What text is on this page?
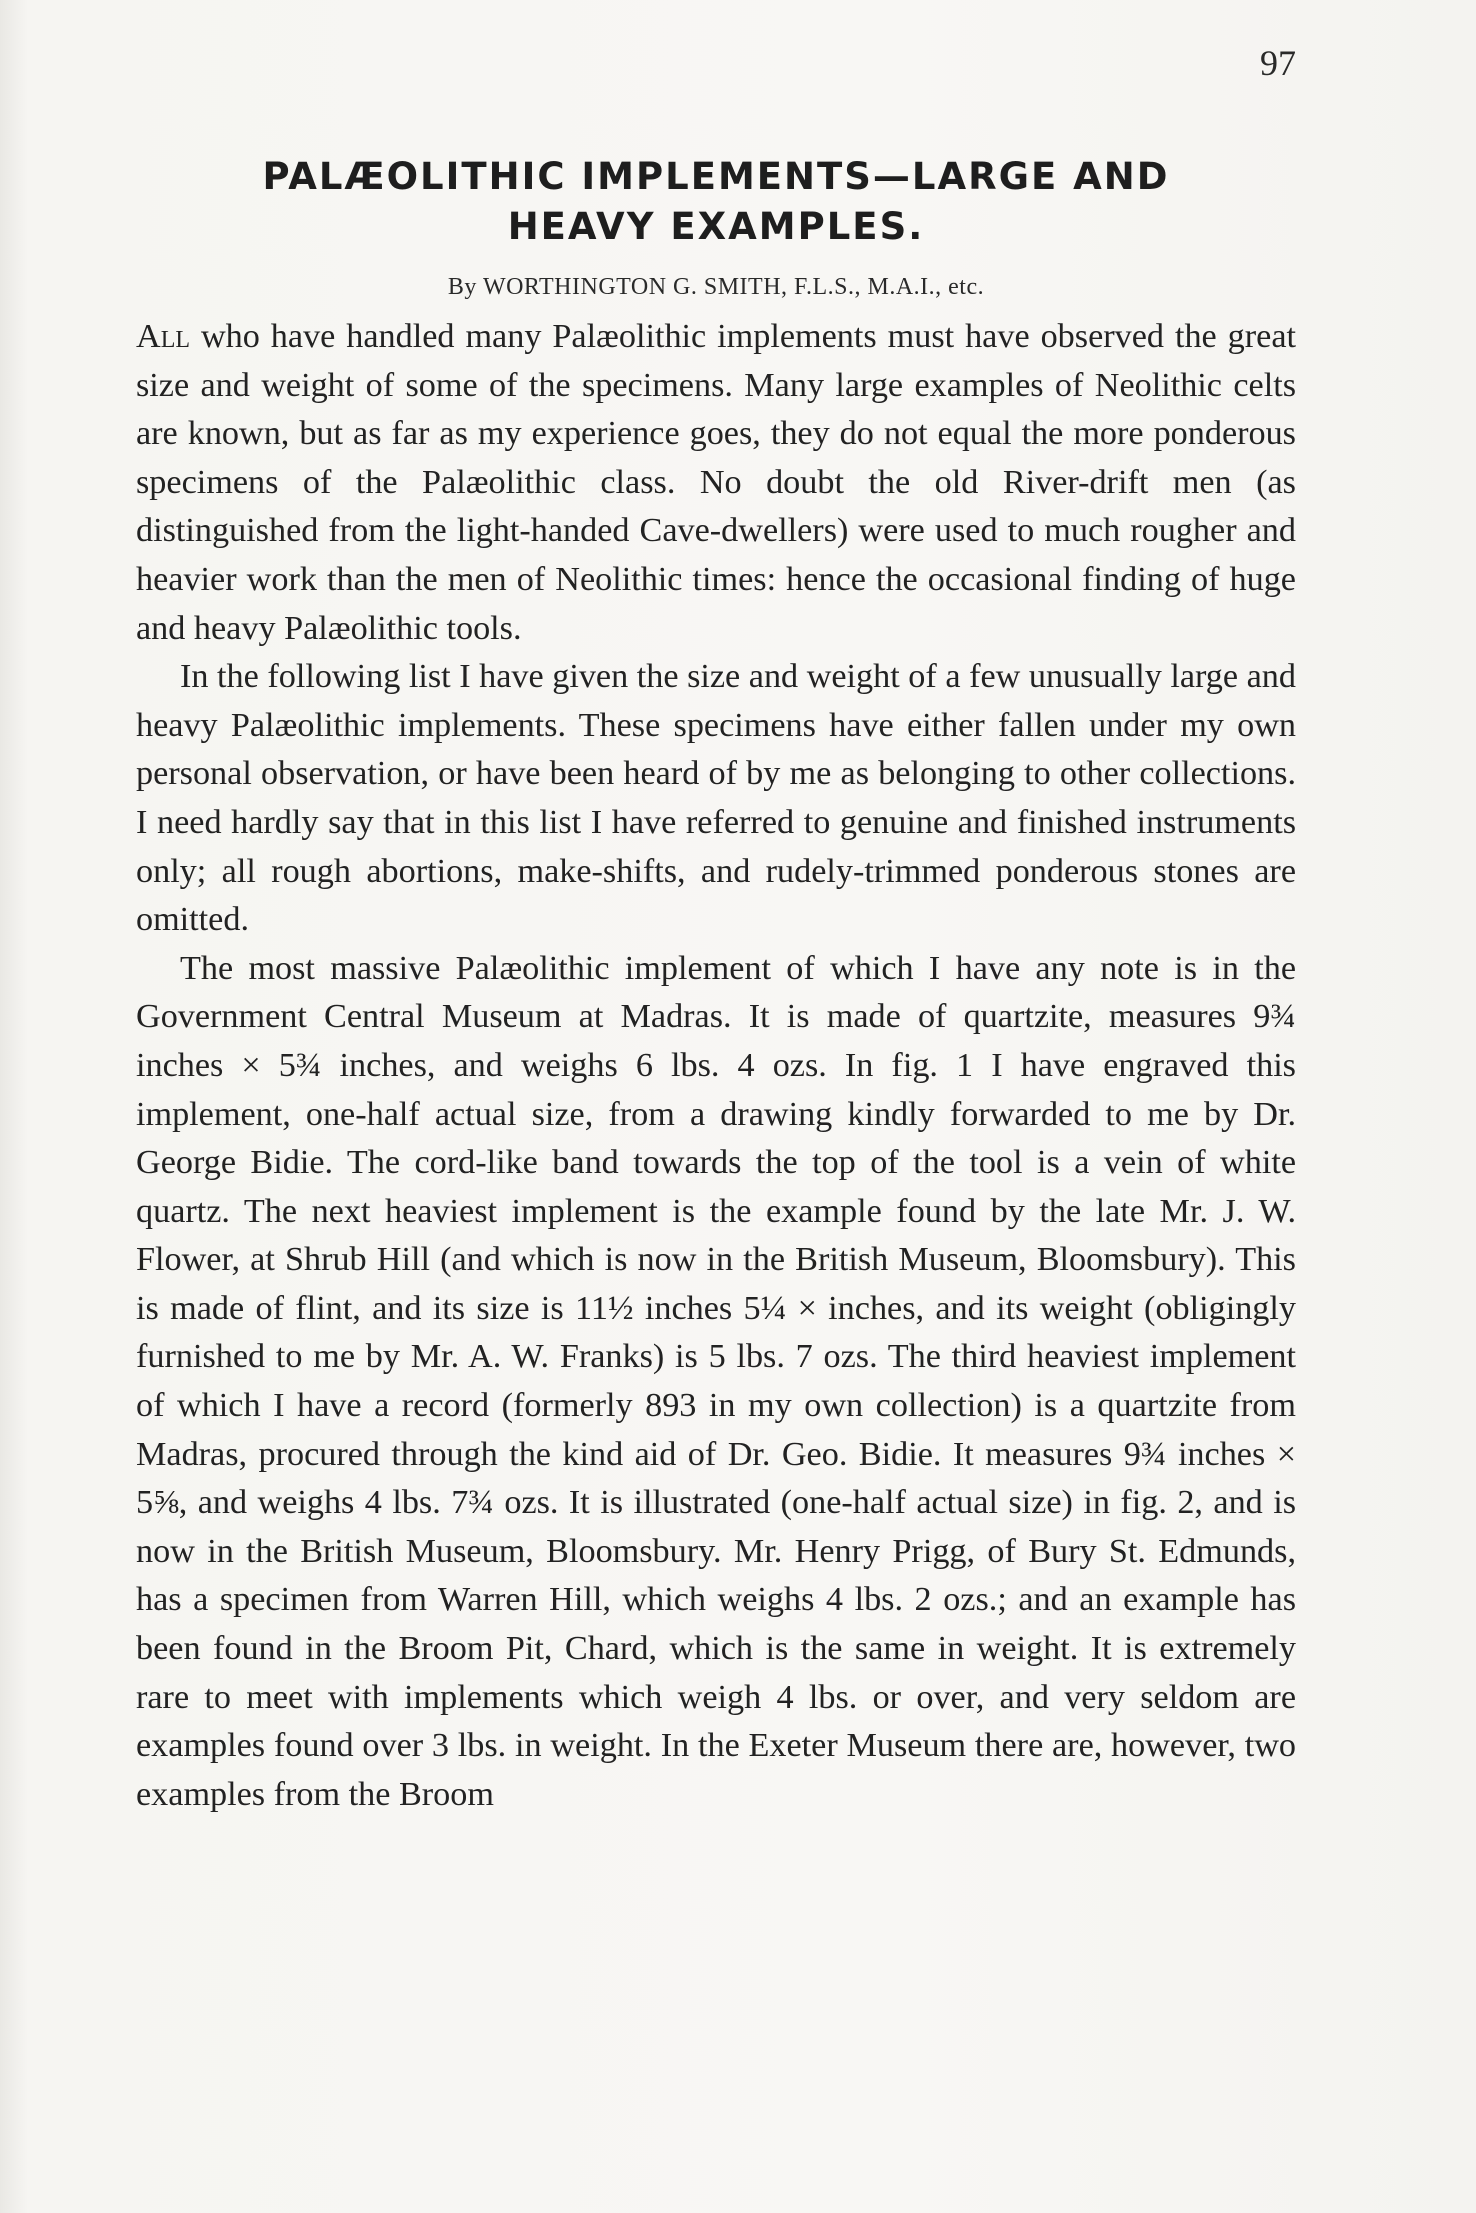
97
PALÆOLITHIC IMPLEMENTS—LARGE AND
HEAVY EXAMPLES.
By WORTHINGTON G. SMITH, F.L.S., M.A.I., etc.

All who have handled many Palæolithic implements must have observed the great size and weight of some of the specimens. Many large examples of Neolithic celts are known, but as far as my experience goes, they do not equal the more ponderous specimens of the Palæolithic class. No doubt the old River-drift men (as distinguished from the light-handed Cave-dwellers) were used to much rougher and heavier work than the men of Neolithic times: hence the occasional finding of huge and heavy Palæolithic tools.

In the following list I have given the size and weight of a few unusually large and heavy Palæolithic implements. These specimens have either fallen under my own personal observation, or have been heard of by me as belonging to other collections. I need hardly say that in this list I have referred to genuine and finished instruments only; all rough abortions, make-shifts, and rudely-trimmed ponderous stones are omitted.

The most massive Palæolithic implement of which I have any note is in the Government Central Museum at Madras. It is made of quartzite, measures 9¾ inches × 5¾ inches, and weighs 6 lbs. 4 ozs. In fig. 1 I have engraved this implement, one-half actual size, from a drawing kindly forwarded to me by Dr. George Bidie. The cord-like band towards the top of the tool is a vein of white quartz. The next heaviest implement is the example found by the late Mr. J. W. Flower, at Shrub Hill (and which is now in the British Museum, Bloomsbury). This is made of flint, and its size is 11½ inches 5¼ × inches, and its weight (obligingly furnished to me by Mr. A. W. Franks) is 5 lbs. 7 ozs. The third heaviest implement of which I have a record (formerly 893 in my own collection) is a quartzite from Madras, procured through the kind aid of Dr. Geo. Bidie. It measures 9¾ inches × 5⅝, and weighs 4 lbs. 7¾ ozs. It is illustrated (one-half actual size) in fig. 2, and is now in the British Museum, Bloomsbury. Mr. Henry Prigg, of Bury St. Edmunds, has a specimen from Warren Hill, which weighs 4 lbs. 2 ozs.; and an example has been found in the Broom Pit, Chard, which is the same in weight. It is extremely rare to meet with implements which weigh 4 lbs. or over, and very seldom are examples found over 3 lbs. in weight. In the Exeter Museum there are, however, two examples from the Broom
